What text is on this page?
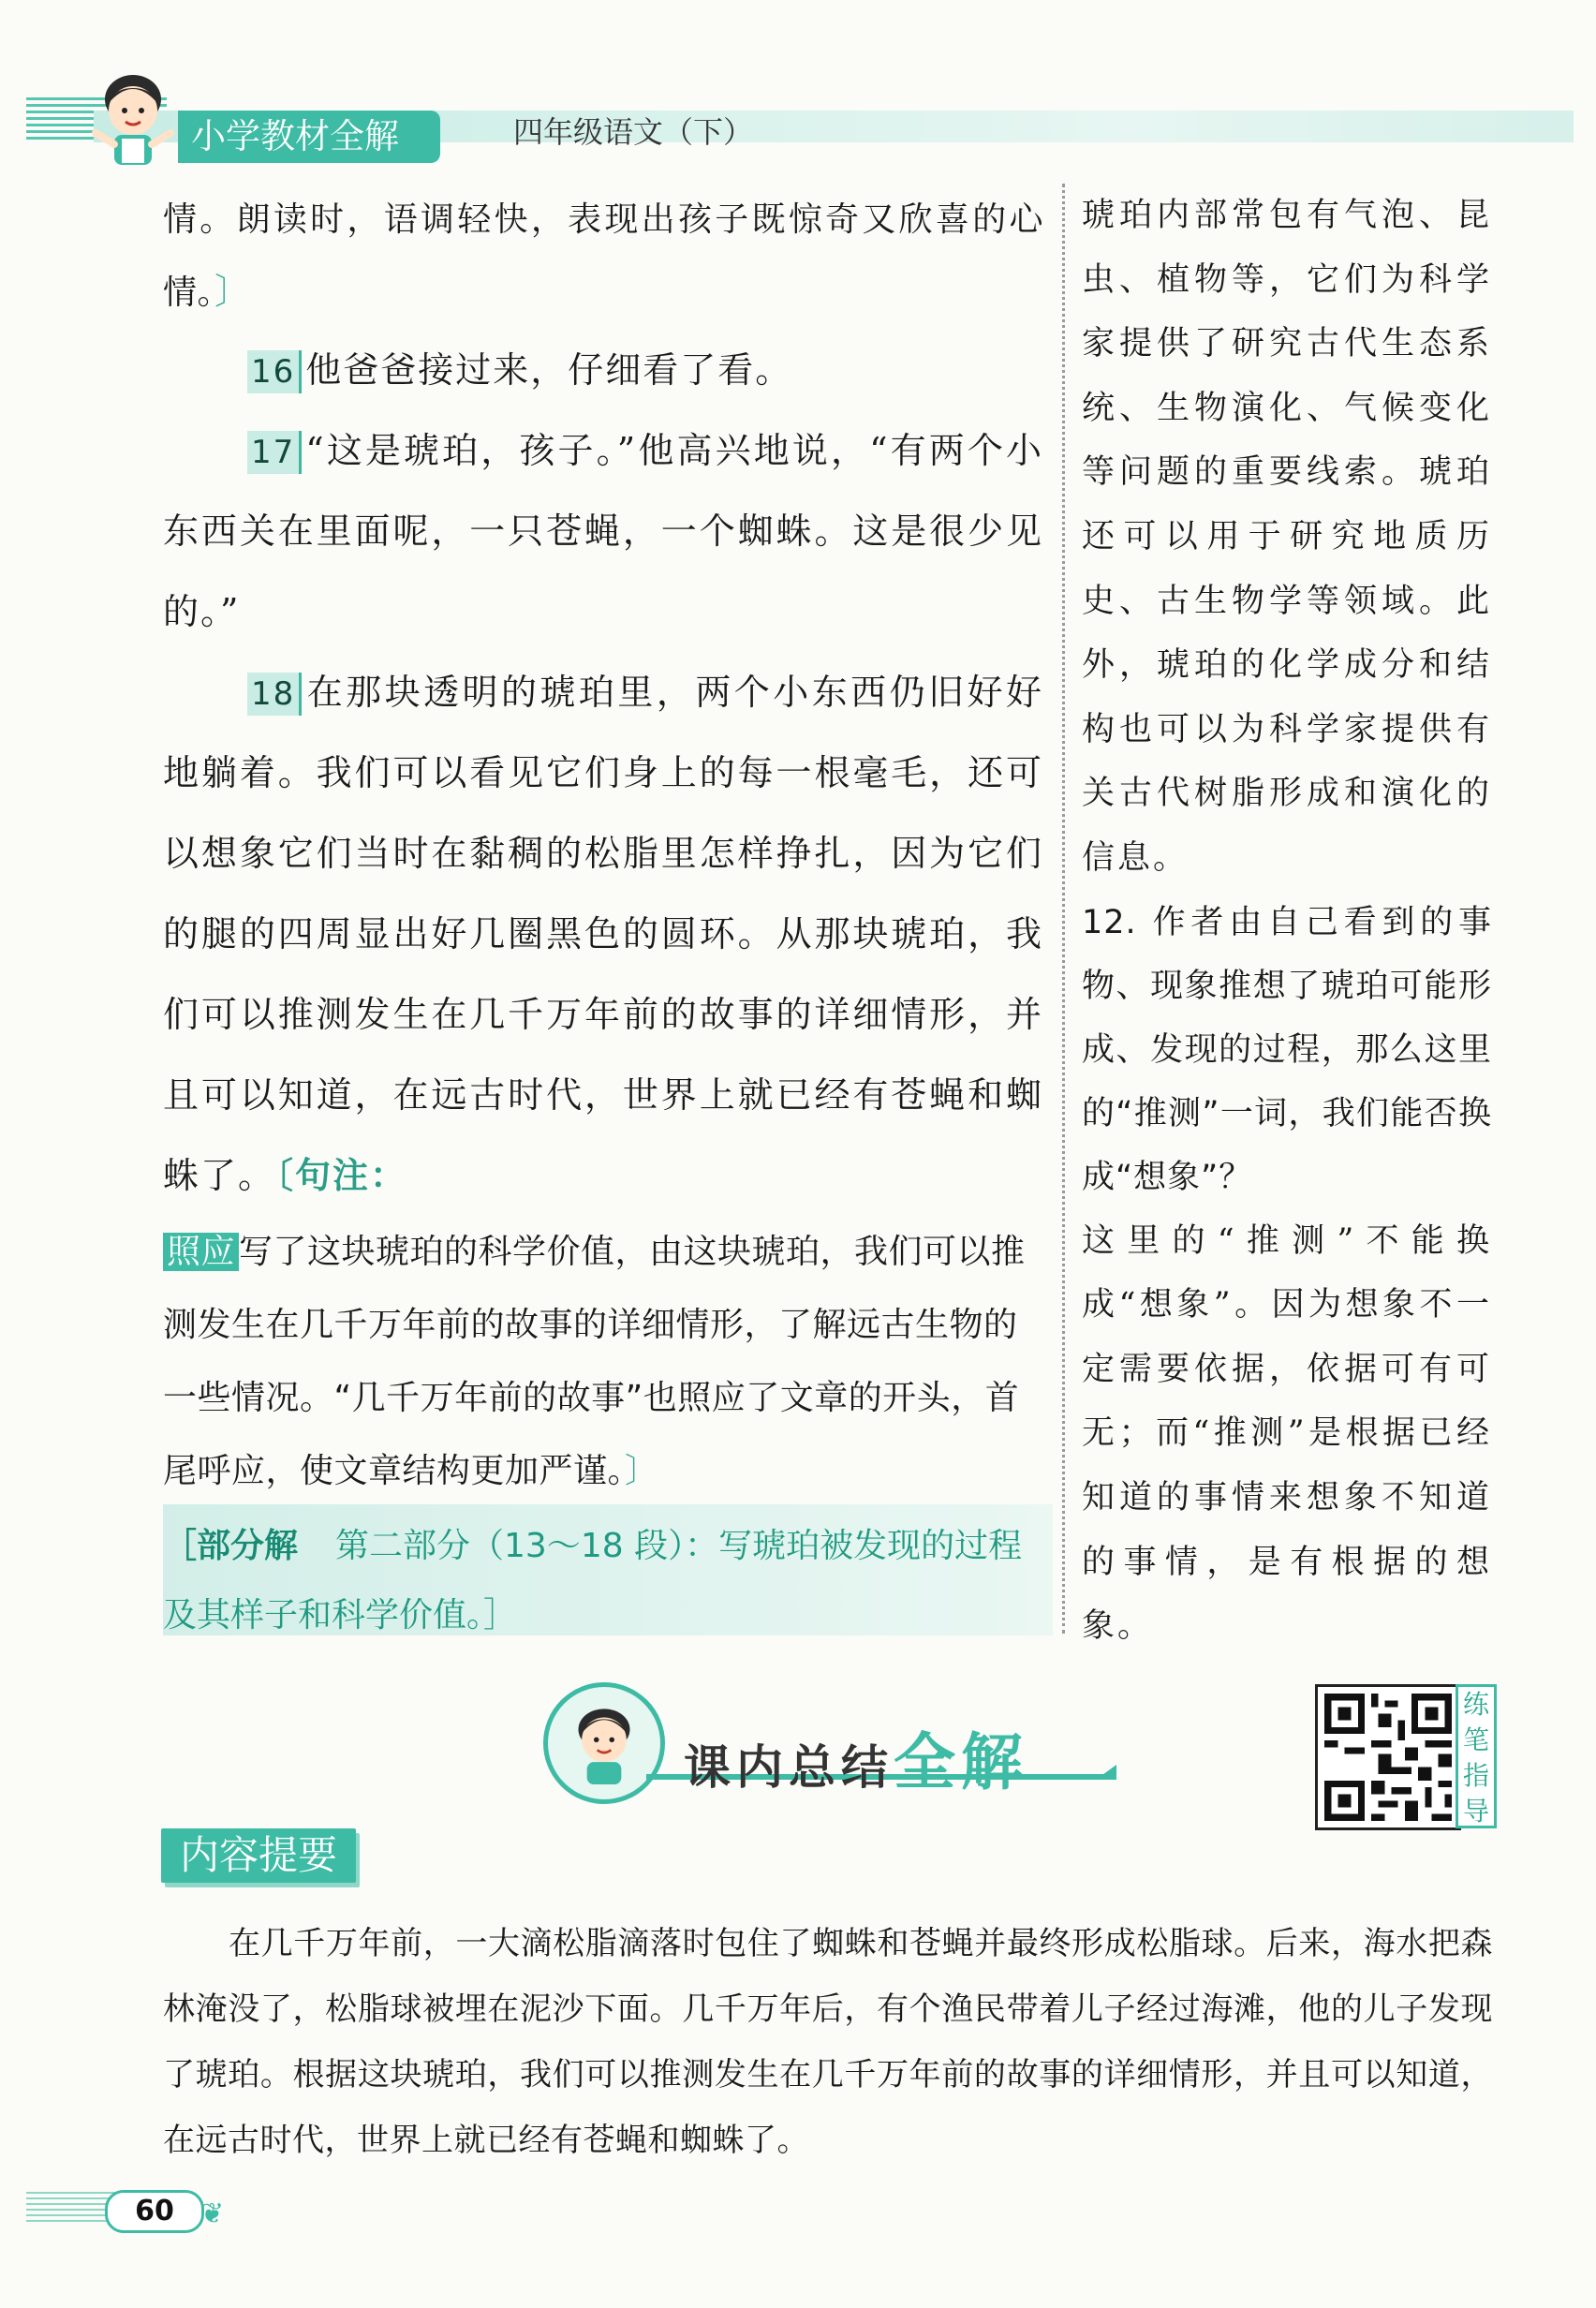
小学教材全解	四年级语文（下）

情。朗读时，语调轻快，表现出孩子既惊奇又欣喜的心情。〕

16 他爸爸接过来，仔细看了看。

17 “这是琥珀，孩子。”他高兴地说，“有两个小东西关在里面呢，一只苍蝇，一个蜘蛛。这是很少见的。”

18 在那块透明的琥珀里，两个小东西仍旧好好地躺着。我们可以看见它们身上的每一根毫毛，还可以想象它们当时在黏稠的松脂里怎样挣扎，因为它们的腿的四周显出好几圈黑色的圆环。从那块琥珀，我们可以推测发生在几千万年前的故事的详细情形，并且可以知道，在远古时代，世界上就已经有苍蝇和蜘蛛了。〔句注：

照应 写了这块琥珀的科学价值，由这块琥珀，我们可以推测发生在几千万年前的故事的详细情形，了解远古生物的一些情况。“几千万年前的故事”也照应了文章的开头，首尾呼应，使文章结构更加严谨。〕

［部分解 第二部分（13～18 段）：写琥珀被发现的过程及其样子和科学价值。］

琥珀内部常包有气泡、昆虫、植物等，它们为科学家提供了研究古代生态系统、生物演化、气候变化等问题的重要线索。琥珀还可以用于研究地质历史、古生物学等领域。此外，琥珀的化学成分和结构也可以为科学家提供有关古代树脂形成和演化的信息。

12. 作者由自己看到的事物、现象推想了琥珀可能形成、发现的过程，那么这里的“推测”一词，我们能否换成“想象”？

这里的“推测”不能换成“想象”。因为想象不一定需要依据，依据可有可无；而“推测”是根据已经知道的事情来想象不知道的事情，是有根据的想象。

课内总结全解
练笔指导
内容提要

在几千万年前，一大滴松脂滴落时包住了蜘蛛和苍蝇并最终形成松脂球。后来，海水把森林淹没了，松脂球被埋在泥沙下面。几千万年后，有个渔民带着儿子经过海滩，他的儿子发现了琥珀。根据这块琥珀，我们可以推测发生在几千万年前的故事的详细情形，并且可以知道，在远古时代，世界上就已经有苍蝇和蜘蛛了。

60 ❦
